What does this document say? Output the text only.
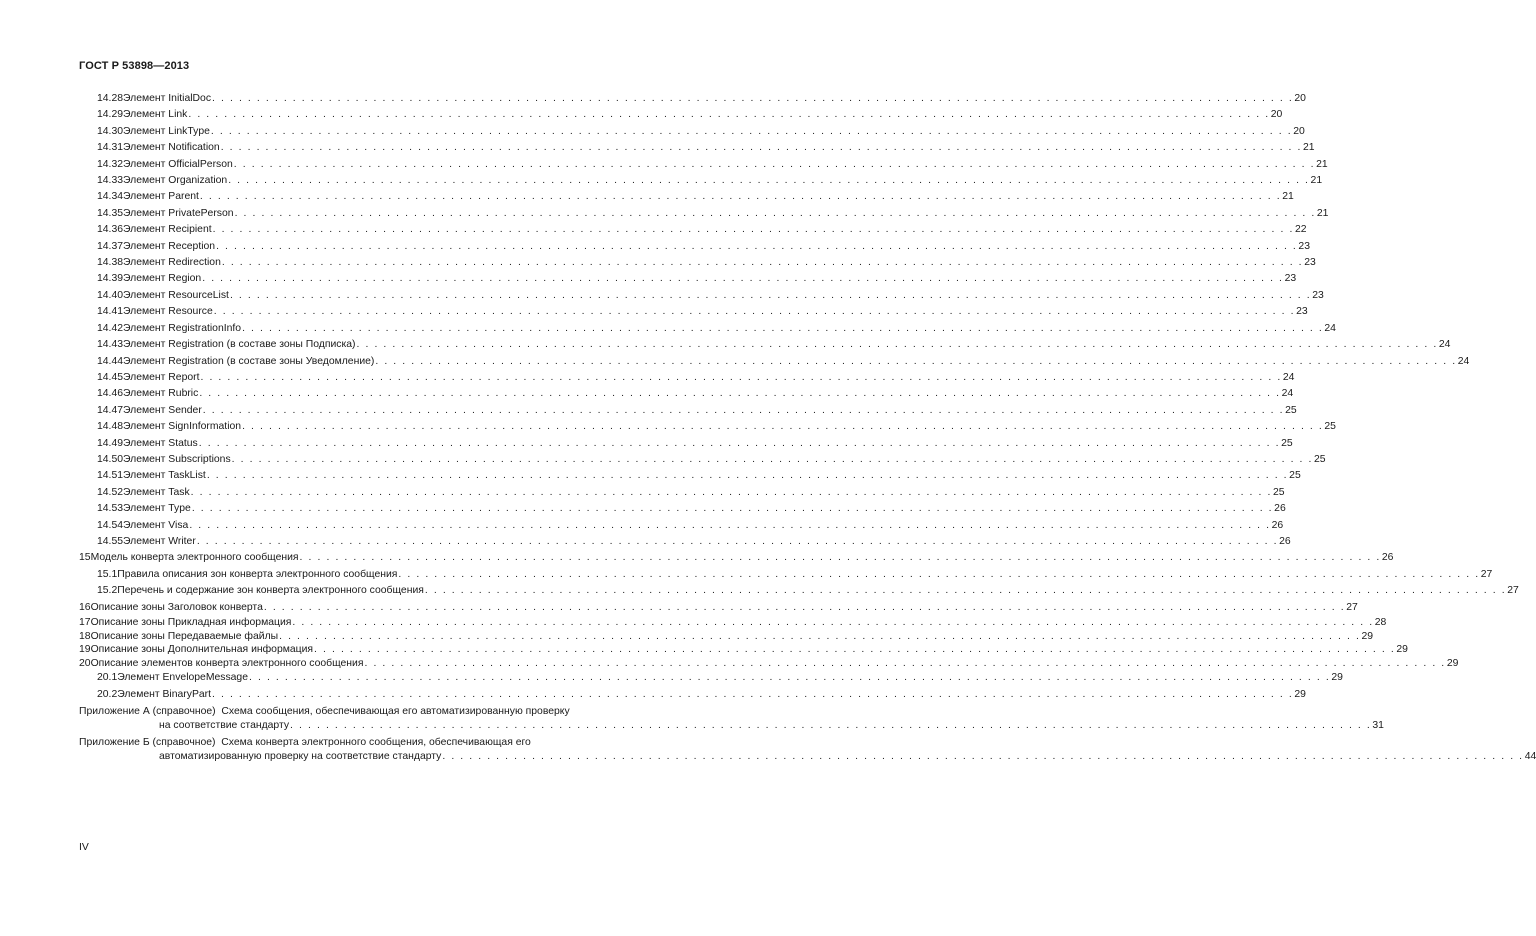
ГОСТ Р 53898—2013
14.28 Элемент InitialDoc . . .	20
14.29 Элемент Link . . .	20
14.30 Элемент LinkType . . .	20
14.31 Элемент Notification . . .	21
14.32 Элемент OfficialPerson . . .	21
14.33 Элемент Organization . . .	21
14.34 Элемент Parent . . .	21
14.35 Элемент PrivatePerson . . .	21
14.36 Элемент Recipient . . .	22
14.37 Элемент Reception . . .	23
14.38 Элемент Redirection . . .	23
14.39 Элемент Region . . .	23
14.40 Элемент ResourceList . . .	23
14.41 Элемент Resource . . .	23
14.42 Элемент RegistrationInfo . . .	24
14.43 Элемент Registration (в составе зоны Подписка) . . .	24
14.44 Элемент Registration (в составе зоны Уведомление) . . .	24
14.45 Элемент Report . . .	24
14.46 Элемент Rubric . . .	24
14.47 Элемент Sender . . .	25
14.48 Элемент SignInformation . . .	25
14.49 Элемент Status . . .	25
14.50 Элемент Subscriptions . . .	25
14.51 Элемент TaskList . . .	25
14.52 Элемент Task . . .	25
14.53 Элемент Type . . .	26
14.54 Элемент Visa . . .	26
14.55 Элемент Writer . . .	26
15 Модель конверта электронного сообщения . . .	26
15.1 Правила описания зон конверта электронного сообщения . . .	27
15.2 Перечень и содержание зон конверта электронного сообщения . . .	27
16 Описание зоны Заголовок конверта . . .	27
17 Описание зоны Прикладная информация . . .	28
18 Описание зоны Передаваемые файлы . . .	29
19 Описание зоны Дополнительная информация . . .	29
20 Описание элементов конверта электронного сообщения . . .	29
20.1 Элемент EnvelopeMessage . . .	29
20.2 Элемент BinaryPart . . .	29
Приложение А (справочное) Схема сообщения, обеспечивающая его автоматизированную проверку
на соответствие стандарту . . .	31
Приложение Б (справочное) Схема конверта электронного сообщения, обеспечивающая его
автоматизированную проверку на соответствие стандарту . . .	44
IV
